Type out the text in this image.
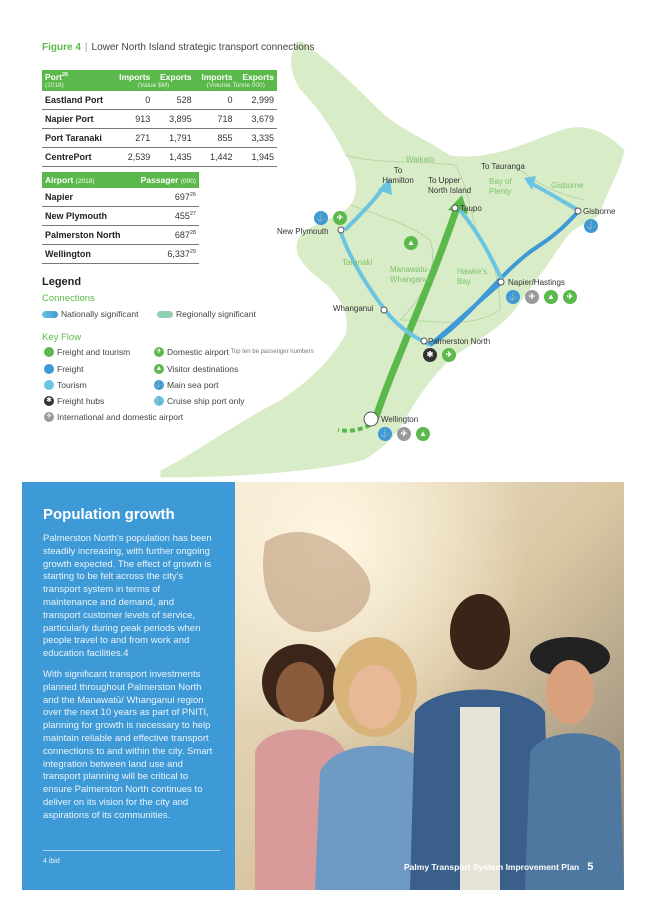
Waikato
To
Hamilton	To Upper
North Island
To Tauranga
Bay of
Plenty
Gisborne
Gisborne
Taupo
New Plymouth
Taranaki
Manawatu-
Whanganui
Hawke's
Bay	Napier/Hastings
Whanganui
Palmerston North
Wellington
⚓	✈
▲
⚓
⚓	✈	▲	✈
✱	✈
⚓	✈	▲
Figure 4 | Lower North Island strategic transport connections
Port$^{26}$	Imports	Exports	Imports	Exports
(2018)	(Value $M)		(Volume Tonne 000)	
Eastland Port	0	528	0	2,999
Napier Port	913	3,895	718	3,679
Port Taranaki	271	1,791	855	3,335
CentrePort	2,539	1,435	1,442	1,945
Airport (2018)	Passager (000)
Napier	$697^{26}$
New Plymouth	$455^{27}$
Palmerston North	$687^{28}$
Wellington	6,337$^{29}$
Legend
Connections
Nationally significant	Regionally significant
Key Flow
Freight and tourism
Freight
Tourism
✱ Freight hubs
✈ International and domestic airport
✈ Domestic airport Top ten be passenger numbers
▲ Visitor destinations
⚓ Main sea port
⚓ Cruise ship port only
Population growth

Palmerston North's population has been steadily increasing, with further ongoing growth expected. The effect of growth is starting to be felt across the city's transport system in terms of maintenance and demand, and transport customer levels of service, particularly during peak periods when people travel to and from work and education facilities.4

With significant transport investments planned throughout Palmerston North and the Manawatū/ Whanganui region over the next 10 years as part of PNITI, planning for growth is necessary to help maintain reliable and effective transport connections to and within the city. Smart integration between land use and transport planning will be critical to ensure Palmerston North continues to deliver on its vision for the city and aspirations of its communities.

4 ibid
Palmy Transport System Improvement Plan 5
